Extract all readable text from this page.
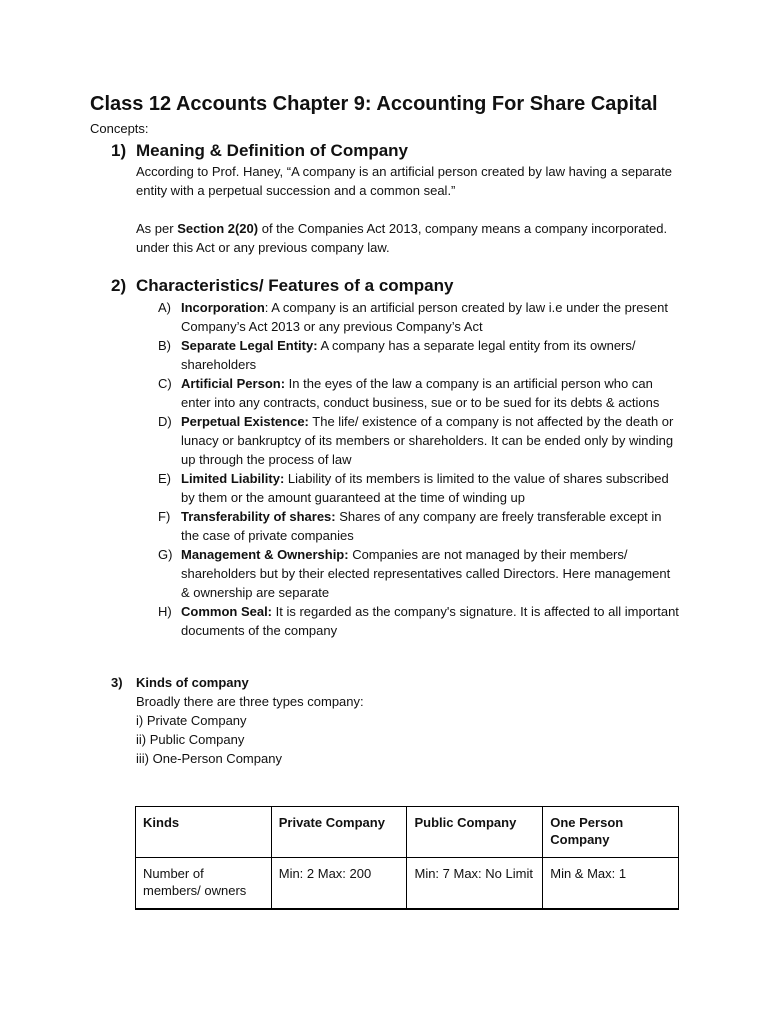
Class 12 Accounts Chapter 9: Accounting For Share Capital
Concepts:
1) Meaning & Definition of Company

According to Prof. Haney, “A company is an artificial person created by law having a separate entity with a perpetual succession and a common seal.”

As per Section 2(20) of the Companies Act 2013, company means a company incorporated. under this Act or any previous company law.

2) Characteristics/ Features of a company
A) Incorporation: A company is an artificial person created by law i.e under the present Company’s Act 2013 or any previous Company’s Act
B) Separate Legal Entity: A company has a separate legal entity from its owners/ shareholders
C) Artificial Person: In the eyes of the law a company is an artificial person who can enter into any contracts, conduct business, sue or to be sued for its debts & actions
D) Perpetual Existence: The life/ existence of a company is not affected by the death or lunacy or bankruptcy of its members or shareholders. It can be ended only by winding up through the process of law
E) Limited Liability: Liability of its members is limited to the value of shares subscribed by them or the amount guaranteed at the time of winding up
F) Transferability of shares: Shares of any company are freely transferable except in the case of private companies
G) Management & Ownership: Companies are not managed by their members/ shareholders but by their elected representatives called Directors. Here management & ownership are separate
H) Common Seal: It is regarded as the company's signature. It is affected to all important documents of the company
3) Kinds of company
Broadly there are three types company:
i) Private Company
ii) Public Company
iii) One-Person Company
Kinds	Private Company	Public Company	One Person Company
Number of members/ owners	Min: 2 Max: 200	Min: 7 Max: No Limit	Min & Max: 1
